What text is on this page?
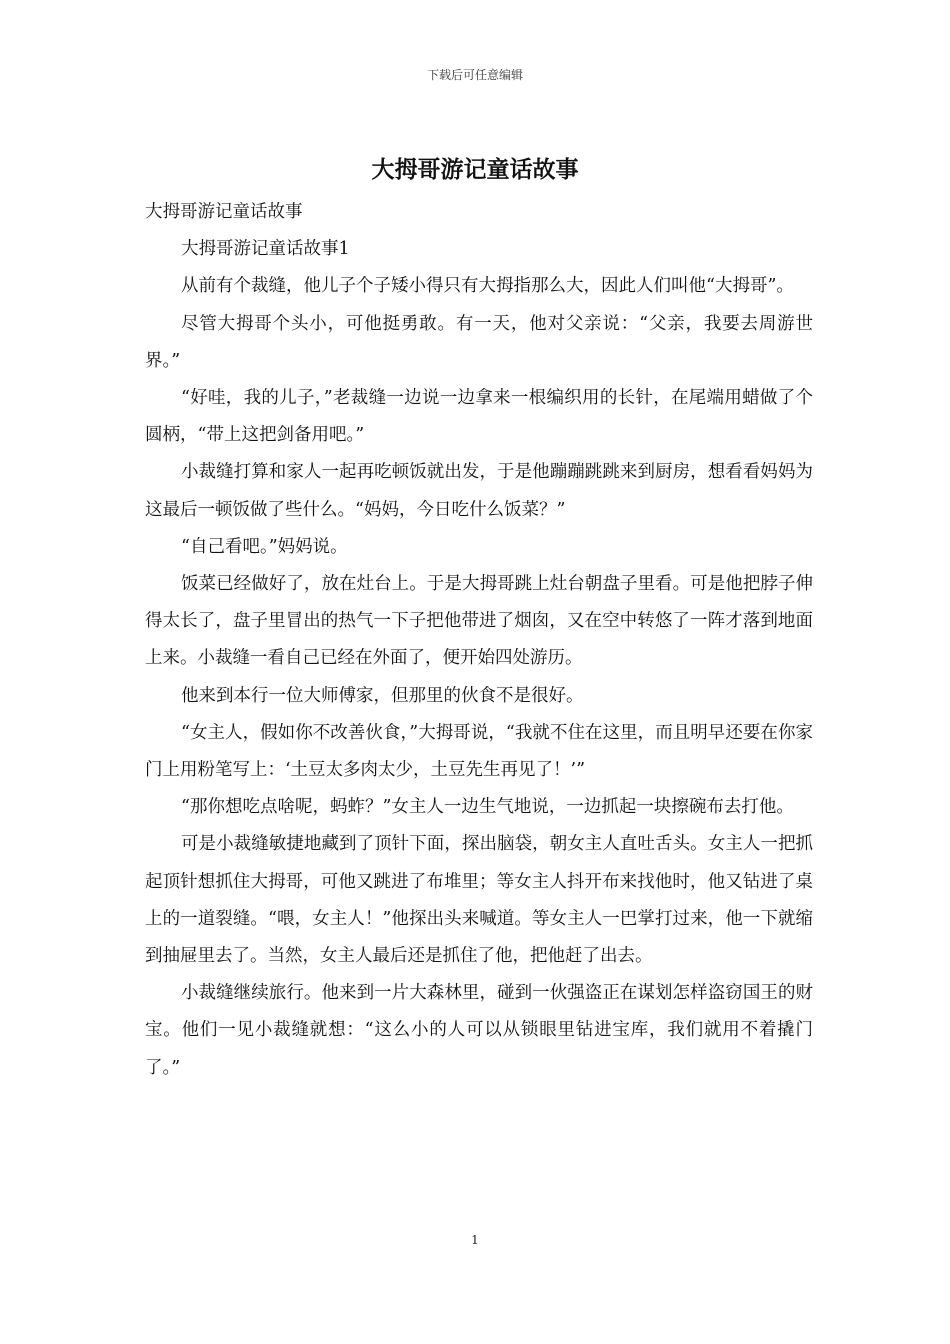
下载后可任意编辑
大拇哥游记童话故事

大拇哥游记童话故事

大拇哥游记童话故事1

从前有个裁缝，他儿子个子矮小得只有大拇指那么大，因此人们叫他“大拇哥”。

尽管大拇哥个头小，可他挺勇敢。有一天，他对父亲说：“父亲，我要去周游世界。”

“好哇，我的儿子，”老裁缝一边说一边拿来一根编织用的长针，在尾端用蜡做了个圆柄，“带上这把剑备用吧。”

小裁缝打算和家人一起再吃顿饭就出发，于是他蹦蹦跳跳来到厨房，想看看妈妈为这最后一顿饭做了些什么。“妈妈，今日吃什么饭菜？”

“自己看吧。”妈妈说。

饭菜已经做好了，放在灶台上。于是大拇哥跳上灶台朝盘子里看。可是他把脖子伸得太长了，盘子里冒出的热气一下子把他带进了烟囱，又在空中转悠了一阵才落到地面上来。小裁缝一看自己已经在外面了，便开始四处游历。

他来到本行一位大师傅家，但那里的伙食不是很好。

“女主人，假如你不改善伙食，”大拇哥说，“我就不住在这里，而且明早还要在你家门上用粉笔写上：‘土豆太多肉太少，土豆先生再见了！’”

“那你想吃点啥呢，蚂蚱？”女主人一边生气地说，一边抓起一块擦碗布去打他。

可是小裁缝敏捷地藏到了顶针下面，探出脑袋，朝女主人直吐舌头。女主人一把抓起顶针想抓住大拇哥，可他又跳进了布堆里；等女主人抖开布来找他时，他又钻进了桌上的一道裂缝。“喂，女主人！”他探出头来喊道。等女主人一巴掌打过来，他一下就缩到抽屉里去了。当然，女主人最后还是抓住了他，把他赶了出去。

小裁缝继续旅行。他来到一片大森林里，碰到一伙强盗正在谋划怎样盗窃国王的财宝。他们一见小裁缝就想：“这么小的人可以从锁眼里钻进宝库，我们就用不着撬门了。”

1
